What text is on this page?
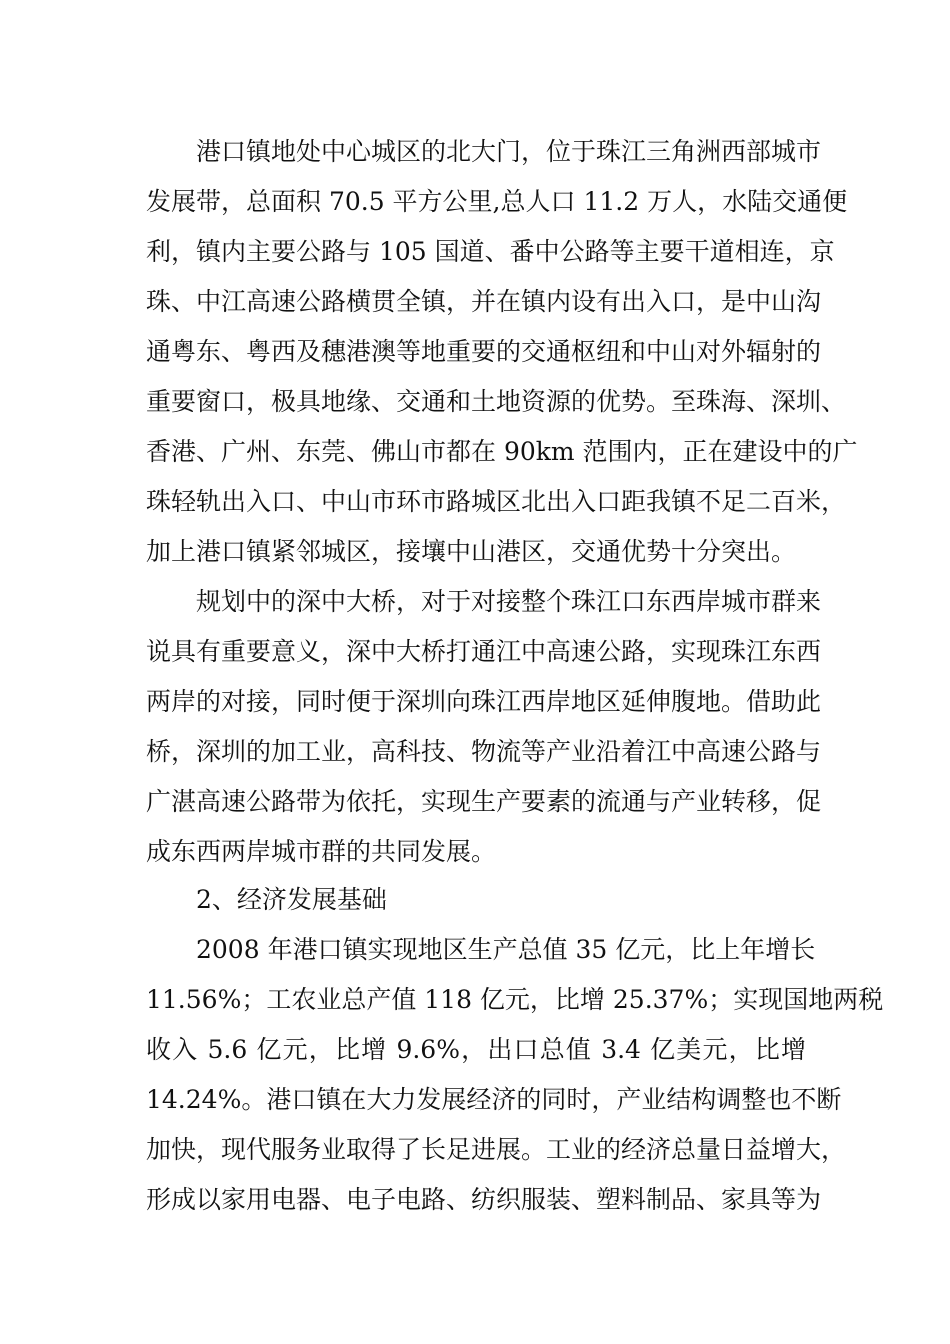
港口镇地处中心城区的北大门，位于珠江三角洲西部城市
发展带，总面积 70.5 平方公里,总人口 11.2 万人，水陆交通便
利，镇内主要公路与 105 国道、番中公路等主要干道相连，京
珠、中江高速公路横贯全镇，并在镇内设有出入口，是中山沟
通粤东、粤西及穗港澳等地重要的交通枢纽和中山对外辐射的
重要窗口，极具地缘、交通和土地资源的优势。至珠海、深圳、
香港、广州、东莞、佛山市都在 90km 范围内，正在建设中的广
珠轻轨出入口、中山市环市路城区北出入口距我镇不足二百米，
加上港口镇紧邻城区，接壤中山港区，交通优势十分突出。
规划中的深中大桥，对于对接整个珠江口东西岸城市群来
说具有重要意义，深中大桥打通江中高速公路，实现珠江东西
两岸的对接，同时便于深圳向珠江西岸地区延伸腹地。借助此
桥，深圳的加工业，高科技、物流等产业沿着江中高速公路与
广湛高速公路带为依托，实现生产要素的流通与产业转移，促
成东西两岸城市群的共同发展。
2、经济发展基础
2008 年港口镇实现地区生产总值 35 亿元，比上年增长
11.56%；工农业总产值 118 亿元，比增 25.37%；实现国地两税
收入 5.6 亿元，比增 9.6%，出口总值 3.4 亿美元，比增
14.24%。港口镇在大力发展经济的同时，产业结构调整也不断
加快，现代服务业取得了长足进展。工业的经济总量日益增大，
形成以家用电器、电子电路、纺织服装、塑料制品、家具等为
